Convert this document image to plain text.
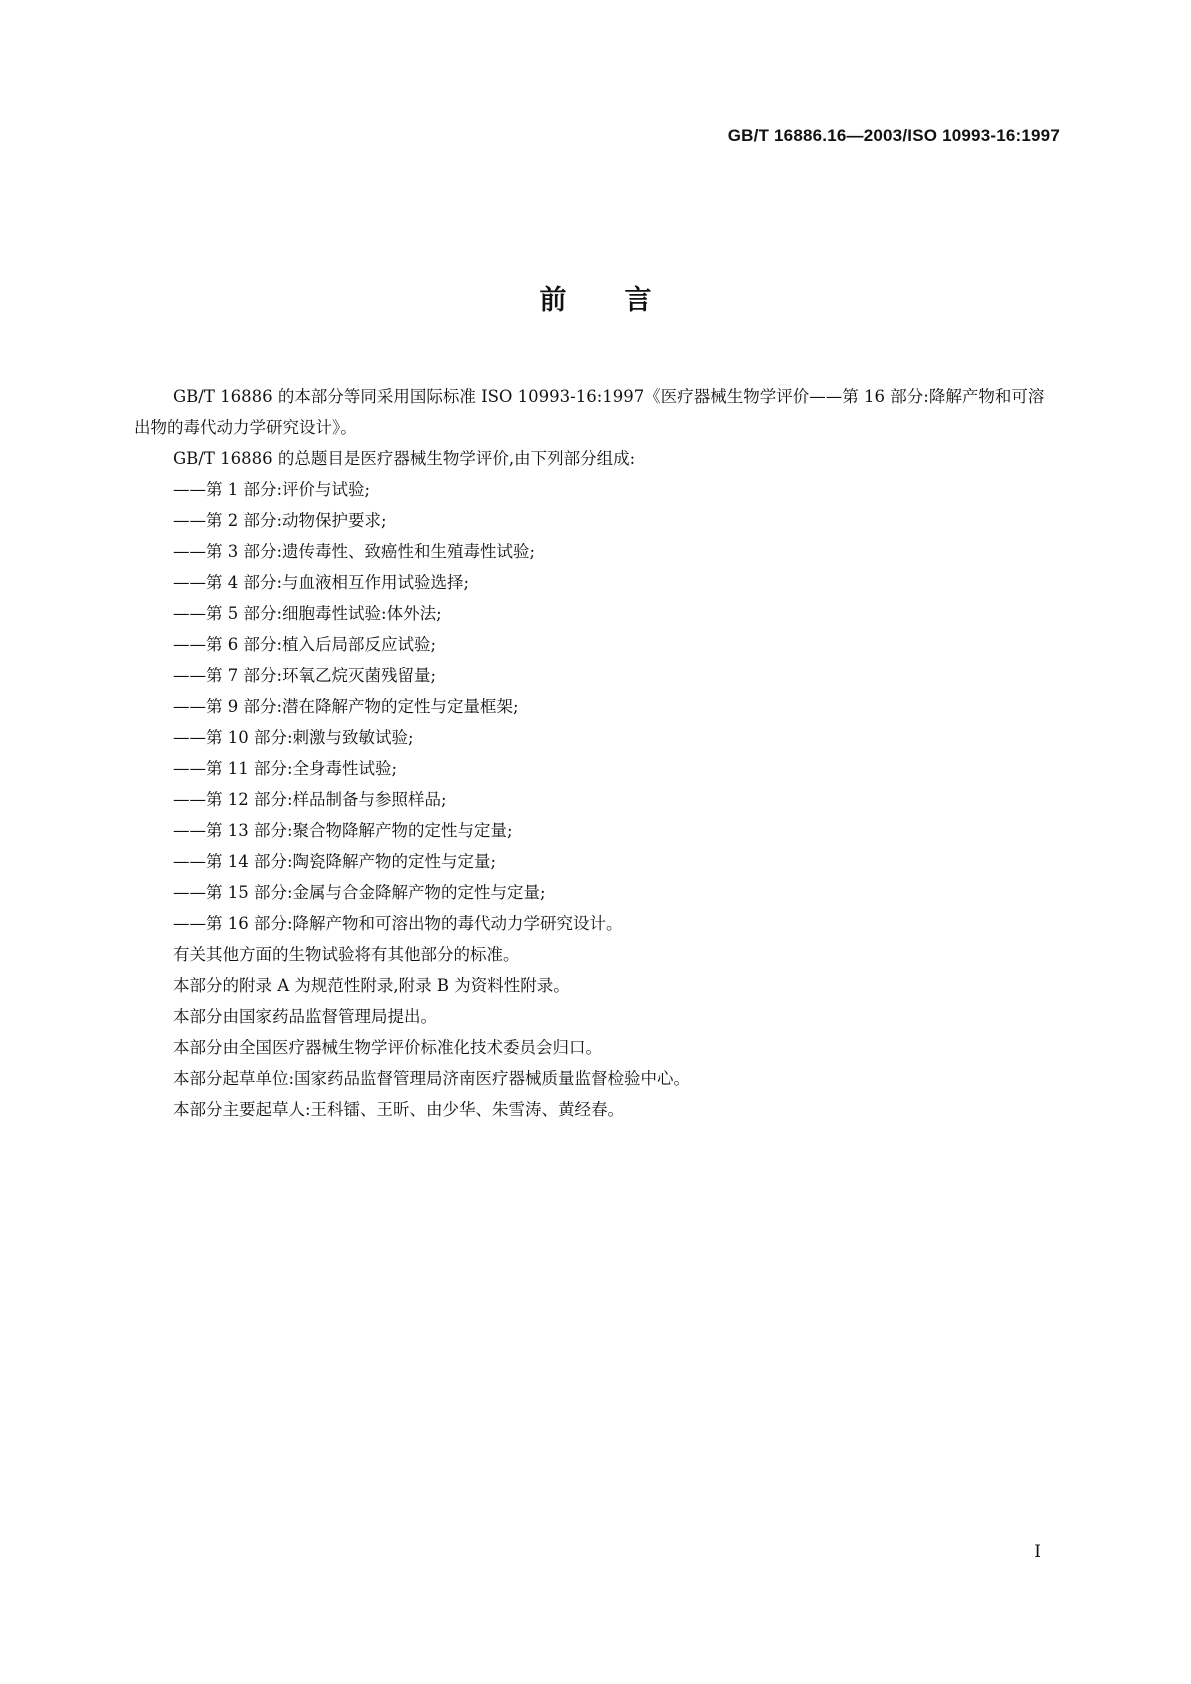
GB/T 16886.16—2003/ISO 10993-16:1997
前 言

GB/T 16886 的本部分等同采用国际标准 ISO 10993-16:1997《医疗器械生物学评价——第 16 部分:降解产物和可溶出物的毒代动力学研究设计》。

GB/T 16886 的总题目是医疗器械生物学评价,由下列部分组成:

——第 1 部分:评价与试验;

——第 2 部分:动物保护要求;

——第 3 部分:遗传毒性、致癌性和生殖毒性试验;

——第 4 部分:与血液相互作用试验选择;

——第 5 部分:细胞毒性试验:体外法;

——第 6 部分:植入后局部反应试验;

——第 7 部分:环氧乙烷灭菌残留量;

——第 9 部分:潜在降解产物的定性与定量框架;

——第 10 部分:刺激与致敏试验;

——第 11 部分:全身毒性试验;

——第 12 部分:样品制备与参照样品;

——第 13 部分:聚合物降解产物的定性与定量;

——第 14 部分:陶瓷降解产物的定性与定量;

——第 15 部分:金属与合金降解产物的定性与定量;

——第 16 部分:降解产物和可溶出物的毒代动力学研究设计。

有关其他方面的生物试验将有其他部分的标准。

本部分的附录 A 为规范性附录,附录 B 为资料性附录。

本部分由国家药品监督管理局提出。

本部分由全国医疗器械生物学评价标准化技术委员会归口。

本部分起草单位:国家药品监督管理局济南医疗器械质量监督检验中心。

本部分主要起草人:王科镭、王昕、由少华、朱雪涛、黄经春。

I
